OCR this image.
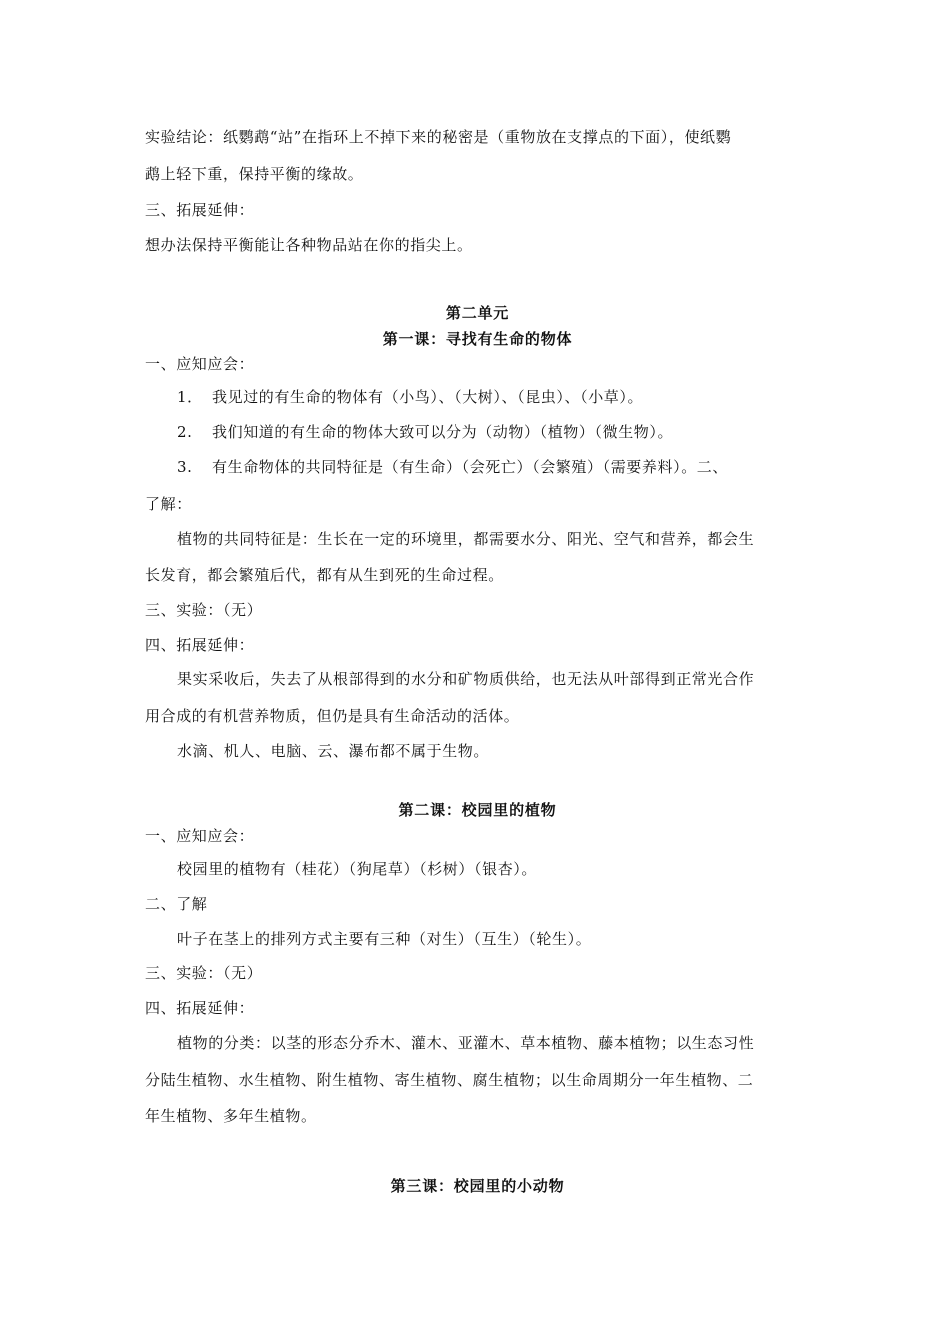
实验结论：纸鹦鹉“站”在指环上不掉下来的秘密是（重物放在支撑点的下面），使纸鹦
鹉上轻下重，保持平衡的缘故。
三、拓展延伸：
想办法保持平衡能让各种物品站在你的指尖上。
第二单元
第一课：寻找有生命的物体
一、应知应会：
1． 我见过的有生命的物体有（小鸟）、（大树）、（昆虫）、（小草）。
2. 我们知道的有生命的物体大致可以分为（动物）（植物）（微生物）。
3. 有生命物体的共同特征是（有生命）（会死亡）（会繁殖）（需要养料）。二、
了解：
植物的共同特征是：生长在一定的环境里，都需要水分、阳光、空气和营养，都会生
长发育，都会繁殖后代，都有从生到死的生命过程。
三、实验：（无）
四、拓展延伸：
果实采收后，失去了从根部得到的水分和矿物质供给，也无法从叶部得到正常光合作
用合成的有机营养物质，但仍是具有生命活动的活体。
水滴、机人、电脑、云、瀑布都不属于生物。
第二课：校园里的植物
一、应知应会：
校园里的植物有（桂花）（狗尾草）（杉树）（银杏）。
二、了解
叶子在茎上的排列方式主要有三种（对生）（互生）（轮生）。
三、实验：（无）
四、拓展延伸：
植物的分类：以茎的形态分乔木、灌木、亚灌木、草本植物、藤本植物；以生态习性
分陆生植物、水生植物、附生植物、寄生植物、腐生植物；以生命周期分一年生植物、二
年生植物、多年生植物。
第三课：校园里的小动物
